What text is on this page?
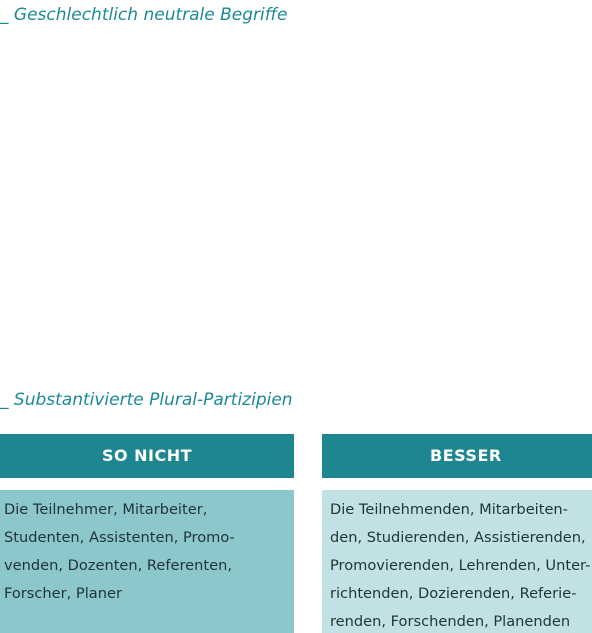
_ Geschlechtlich neutrale Begriffe
_ Substantivierte Plural-Partizipien
SO NICHT
Die Teilnehmer, Mitarbeiter,
Studenten, Assistenten, Promo-
venden, Dozenten, Referenten,
Forscher, Planer
BESSER
Die Teilnehmenden, Mitarbeiten-
den, Studierenden, Assistierenden,
Promovierenden, Lehrenden, Unter-
richtenden, Dozierenden, Referie-
renden, Forschenden, Planenden
